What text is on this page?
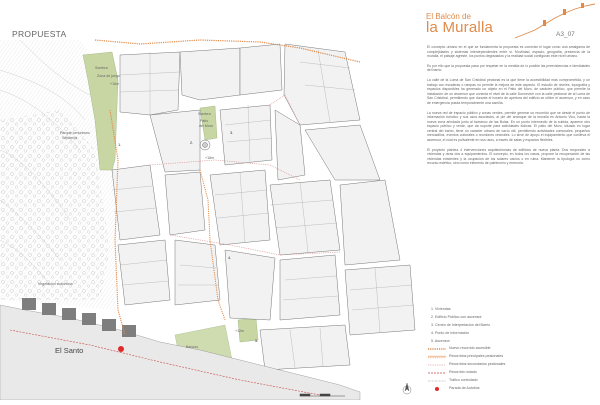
PROPUESTA
El Santo
Sombra
Zona de juego
+16m
Parque periurbano
Senderos
Vegetación autóctona
Sombra
Patio
del Moro
Bancos
+18m
+12m
1.	2.
3.
4.
5.
El Balcón de
la Muralla	A3_07

El concepto urbano en el que se fundamenta la propuesta es conectar el lugar como una amalgama de complejidades y sistemas interdependientes entre sí. Movilidad, espacio, geografía, presencia de la muralla, el paisaje agreste, los puntos degradados y la realidad social configuran este nivel urbano.

Es por ello que la propuesta pasa por respetar en la medida de lo posible las preexistencias e identidades del barrio.

La calle de la Loma de San Cristóbal peatonal es la que tiene la accesibilidad más comprometida, y un trabajo con escaleras o rampas no permite la mejora de este aspecto. El estudio de niveles, topografía y espacios disponibles ha generado un objeto en el Patio del Moro, de carácter público, que permite la instalación de un ascensor que conecta el nivel de la calle Dunnevich con la calle peatonal de al Loma de San Cristóbal, permitiendo que durante el horario de apertura del edificio se utilice el ascensor, y en caso de emergencia pueda temporalmente una camilla.

La nueva red de espacio público y zonas verdes, permite generar un recorrido que se desde el punto de información turístico y sus usos asociados, al pie del arranque de la muralla en Antonio Vico, hasta la nueva zona arbolada junto al barranco de las Bolas. En un punto intermedio de la subida, aparece otro espacio público y verde, que da soporte para actividades lúdicas. El patio del Moro, situado en lugar central del barrio, tiene un carácter urbano de vacío útil, permitiendo actividades comunales, pequeños mercadillos, eventos culturales o reuniones vecinales. Lo sirve de apoyo el equipamiento que conlleva el ascensor, el cual es polivalente en sus usos, a través de salas y espacios flexibles.

El proyecto plantea 4 intervenciones arquitectónicas de edificios de nueva planta. Dos responden a viviendas y otras dos a equipamientos. El concepto, en todos los casos, propone la recuperación de las viviendas existentes y la ocupación de los solares vacíos o en ruina. Mantener la tipología no como recurso estético, sino como elemento de patrimonio y memoria.

1. Viviendas
2. Edificio Público con ascensor
3. Centro de Interpretación del Barrio
4. Punto de Información
5. Ascensor
Nuevo recorrido accesible
Recorridos principales peatonales
Recorridos secundarios peatonales
Recorrido rodado
Tráfico controlado
Parada de Autobús
